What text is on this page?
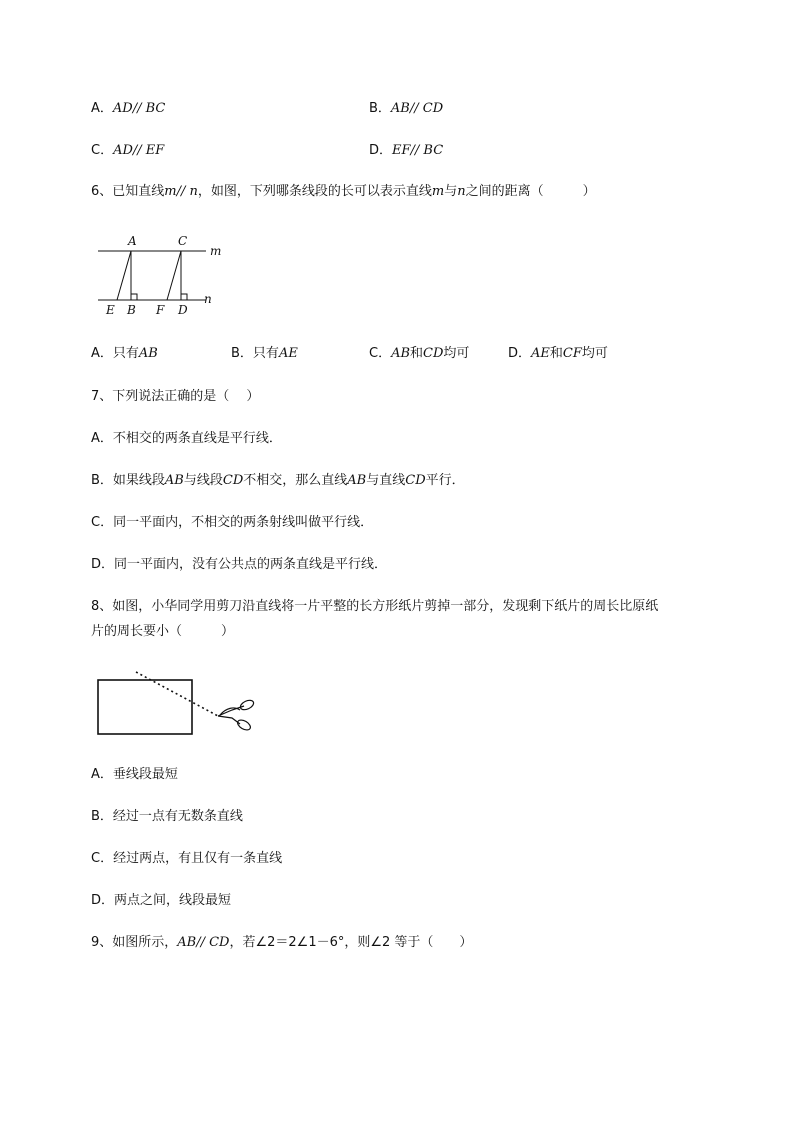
A．AD// BC	B．AB// CD
C．AD// EF	D．EF// BC
6、已知直线m// n，如图，下列哪条线段的长可以表示直线m与n之间的距离（　　　）
m
n
A	C
E B F D
A．只有AB	B．只有AE	C．AB和CD均可	D．AE和CF均可
7、下列说法正确的是（　 ）
A．不相交的两条直线是平行线．
B．如果线段AB与线段CD不相交，那么直线AB与直线CD平行．
C．同一平面内，不相交的两条射线叫做平行线．
D．同一平面内，没有公共点的两条直线是平行线．
8、如图，小华同学用剪刀沿直线将一片平整的长方形纸片剪掉一部分，发现剩下纸片的周长比原纸
片的周长要小（　　　）
A．垂线段最短
B．经过一点有无数条直线
C．经过两点，有且仅有一条直线
D．两点之间，线段最短
9、如图所示，AB// CD，若∠2＝2∠1－6°，则∠2 等于（　　）
